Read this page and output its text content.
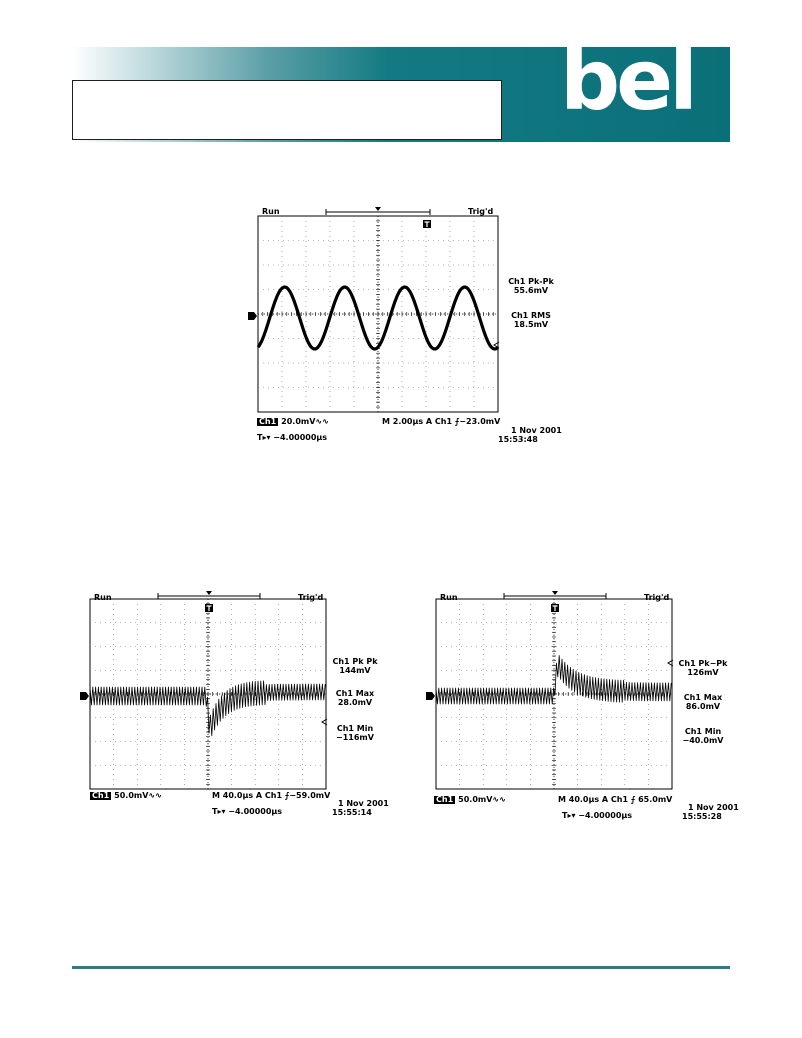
bel
Run	Trig'd
Ch1 Pk-Pk
55.6mV
Ch1 RMS
18.5mV
Ch1 20.0mV∿∿	M 2.00µs A Ch1 ⨍−23.0mV
T▸▾ −4.00000µs
1 Nov 2001
15:53:48
Run	Trig'd
Ch1 Pk Pk
144mV
Ch1 Max
28.0mV
Ch1 Min
−116mV
Ch1 50.0mV∿∿	M 40.0µs A Ch1 ⨍−59.0mV
T▸▾ −4.00000µs
1 Nov 2001
15:55:14
Run	Trig'd
Ch1 Pk−Pk
126mV
Ch1 Max
86.0mV
Ch1 Min
−40.0mV
Ch1 50.0mV∿∿	M 40.0µs A Ch1 ⨍ 65.0mV
T▸▾ −4.00000µs
1 Nov 2001
15:55:28
